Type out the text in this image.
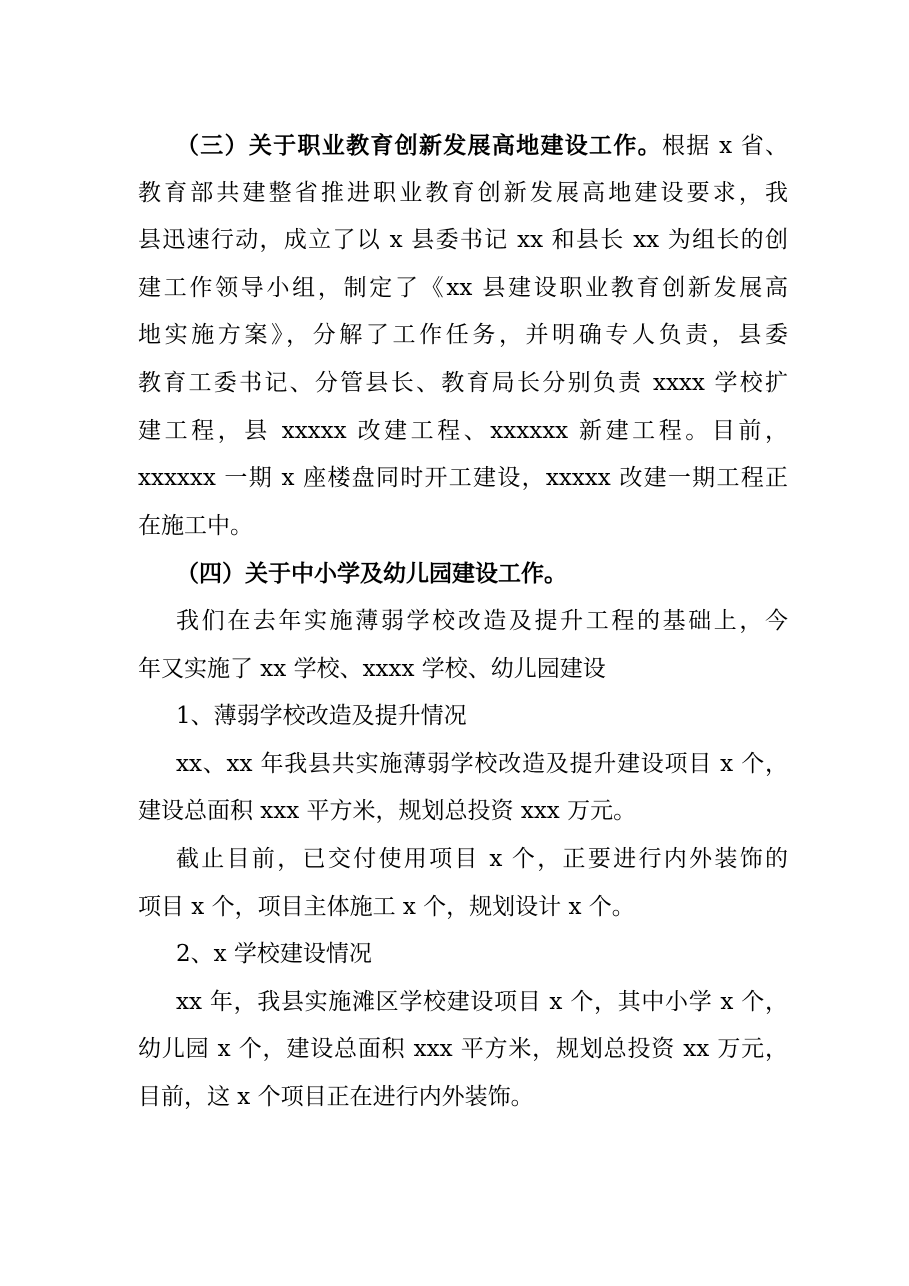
（三）关于职业教育创新发展高地建设工作。根据 x 省、
教育部共建整省推进职业教育创新发展高地建设要求，我
县迅速行动，成立了以 x 县委书记 xx 和县长 xx 为组长的创
建工作领导小组，制定了《xx 县建设职业教育创新发展高
地实施方案》，分解了工作任务，并明确专人负责，县委
教育工委书记、分管县长、教育局长分别负责 xxxx 学校扩
建工程，县 xxxxx 改建工程、xxxxxx 新建工程。目前，
xxxxxx 一期 x 座楼盘同时开工建设，xxxxx 改建一期工程正
在施工中。
（四）关于中小学及幼儿园建设工作。
我们在去年实施薄弱学校改造及提升工程的基础上，今
年又实施了 xx 学校、xxxx 学校、幼儿园建设
1、薄弱学校改造及提升情况
xx、xx 年我县共实施薄弱学校改造及提升建设项目 x 个，
建设总面积 xxx 平方米，规划总投资 xxx 万元。
截止目前，已交付使用项目 x 个，正要进行内外装饰的
项目 x 个，项目主体施工 x 个，规划设计 x 个。
2、x 学校建设情况
xx 年，我县实施滩区学校建设项目 x 个，其中小学 x 个，
幼儿园 x 个，建设总面积 xxx 平方米，规划总投资 xx 万元，
目前，这 x 个项目正在进行内外装饰。
